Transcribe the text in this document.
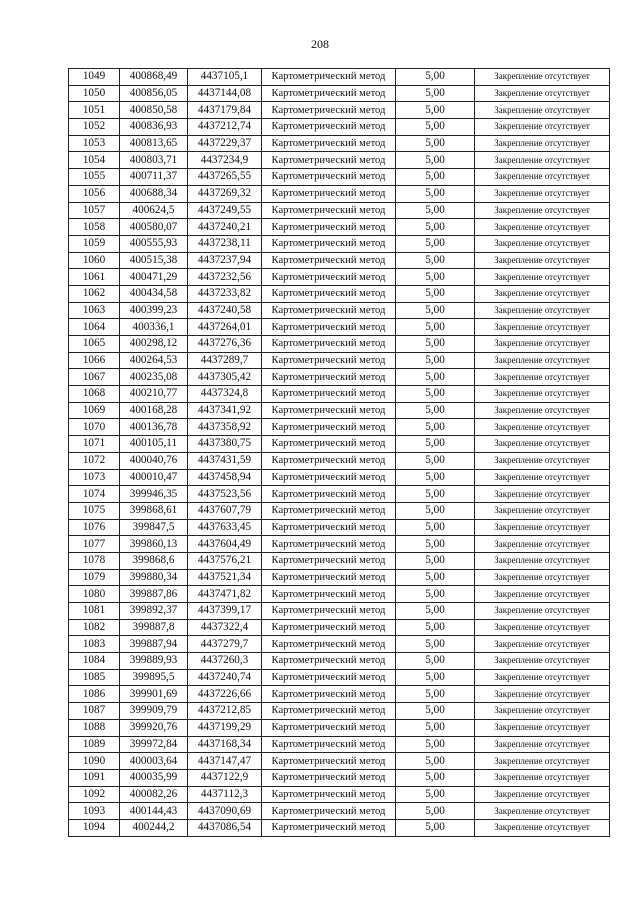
208
1049	400868,49	4437105,1	Картометрический метод	5,00	Закрепление отсутствует
1050	400856,05	4437144,08	Картометрический метод	5,00	Закрепление отсутствует
1051	400850,58	4437179,84	Картометрический метод	5,00	Закрепление отсутствует
1052	400836,93	4437212,74	Картометрический метод	5,00	Закрепление отсутствует
1053	400813,65	4437229,37	Картометрический метод	5,00	Закрепление отсутствует
1054	400803,71	4437234,9	Картометрический метод	5,00	Закрепление отсутствует
1055	400711,37	4437265,55	Картометрический метод	5,00	Закрепление отсутствует
1056	400688,34	4437269,32	Картометрический метод	5,00	Закрепление отсутствует
1057	400624,5	4437249,55	Картометрический метод	5,00	Закрепление отсутствует
1058	400580,07	4437240,21	Картометрический метод	5,00	Закрепление отсутствует
1059	400555,93	4437238,11	Картометрический метод	5,00	Закрепление отсутствует
1060	400515,38	4437237,94	Картометрический метод	5,00	Закрепление отсутствует
1061	400471,29	4437232,56	Картометрический метод	5,00	Закрепление отсутствует
1062	400434,58	4437233,82	Картометрический метод	5,00	Закрепление отсутствует
1063	400399,23	4437240,58	Картометрический метод	5,00	Закрепление отсутствует
1064	400336,1	4437264,01	Картометрический метод	5,00	Закрепление отсутствует
1065	400298,12	4437276,36	Картометрический метод	5,00	Закрепление отсутствует
1066	400264,53	4437289,7	Картометрический метод	5,00	Закрепление отсутствует
1067	400235,08	4437305,42	Картометрический метод	5,00	Закрепление отсутствует
1068	400210,77	4437324,8	Картометрический метод	5,00	Закрепление отсутствует
1069	400168,28	4437341,92	Картометрический метод	5,00	Закрепление отсутствует
1070	400136,78	4437358,92	Картометрический метод	5,00	Закрепление отсутствует
1071	400105,11	4437380,75	Картометрический метод	5,00	Закрепление отсутствует
1072	400040,76	4437431,59	Картометрический метод	5,00	Закрепление отсутствует
1073	400010,47	4437458,94	Картометрический метод	5,00	Закрепление отсутствует
1074	399946,35	4437523,56	Картометрический метод	5,00	Закрепление отсутствует
1075	399868,61	4437607,79	Картометрический метод	5,00	Закрепление отсутствует
1076	399847,5	4437633,45	Картометрический метод	5,00	Закрепление отсутствует
1077	399860,13	4437604,49	Картометрический метод	5,00	Закрепление отсутствует
1078	399868,6	4437576,21	Картометрический метод	5,00	Закрепление отсутствует
1079	399880,34	4437521,34	Картометрический метод	5,00	Закрепление отсутствует
1080	399887,86	4437471,82	Картометрический метод	5,00	Закрепление отсутствует
1081	399892,37	4437399,17	Картометрический метод	5,00	Закрепление отсутствует
1082	399887,8	4437322,4	Картометрический метод	5,00	Закрепление отсутствует
1083	399887,94	4437279,7	Картометрический метод	5,00	Закрепление отсутствует
1084	399889,93	4437260,3	Картометрический метод	5,00	Закрепление отсутствует
1085	399895,5	4437240,74	Картометрический метод	5,00	Закрепление отсутствует
1086	399901,69	4437226,66	Картометрический метод	5,00	Закрепление отсутствует
1087	399909,79	4437212,85	Картометрический метод	5,00	Закрепление отсутствует
1088	399920,76	4437199,29	Картометрический метод	5,00	Закрепление отсутствует
1089	399972,84	4437168,34	Картометрический метод	5,00	Закрепление отсутствует
1090	400003,64	4437147,47	Картометрический метод	5,00	Закрепление отсутствует
1091	400035,99	4437122,9	Картометрический метод	5,00	Закрепление отсутствует
1092	400082,26	4437112,3	Картометрический метод	5,00	Закрепление отсутствует
1093	400144,43	4437090,69	Картометрический метод	5,00	Закрепление отсутствует
1094	400244,2	4437086,54	Картометрический метод	5,00	Закрепление отсутствует
